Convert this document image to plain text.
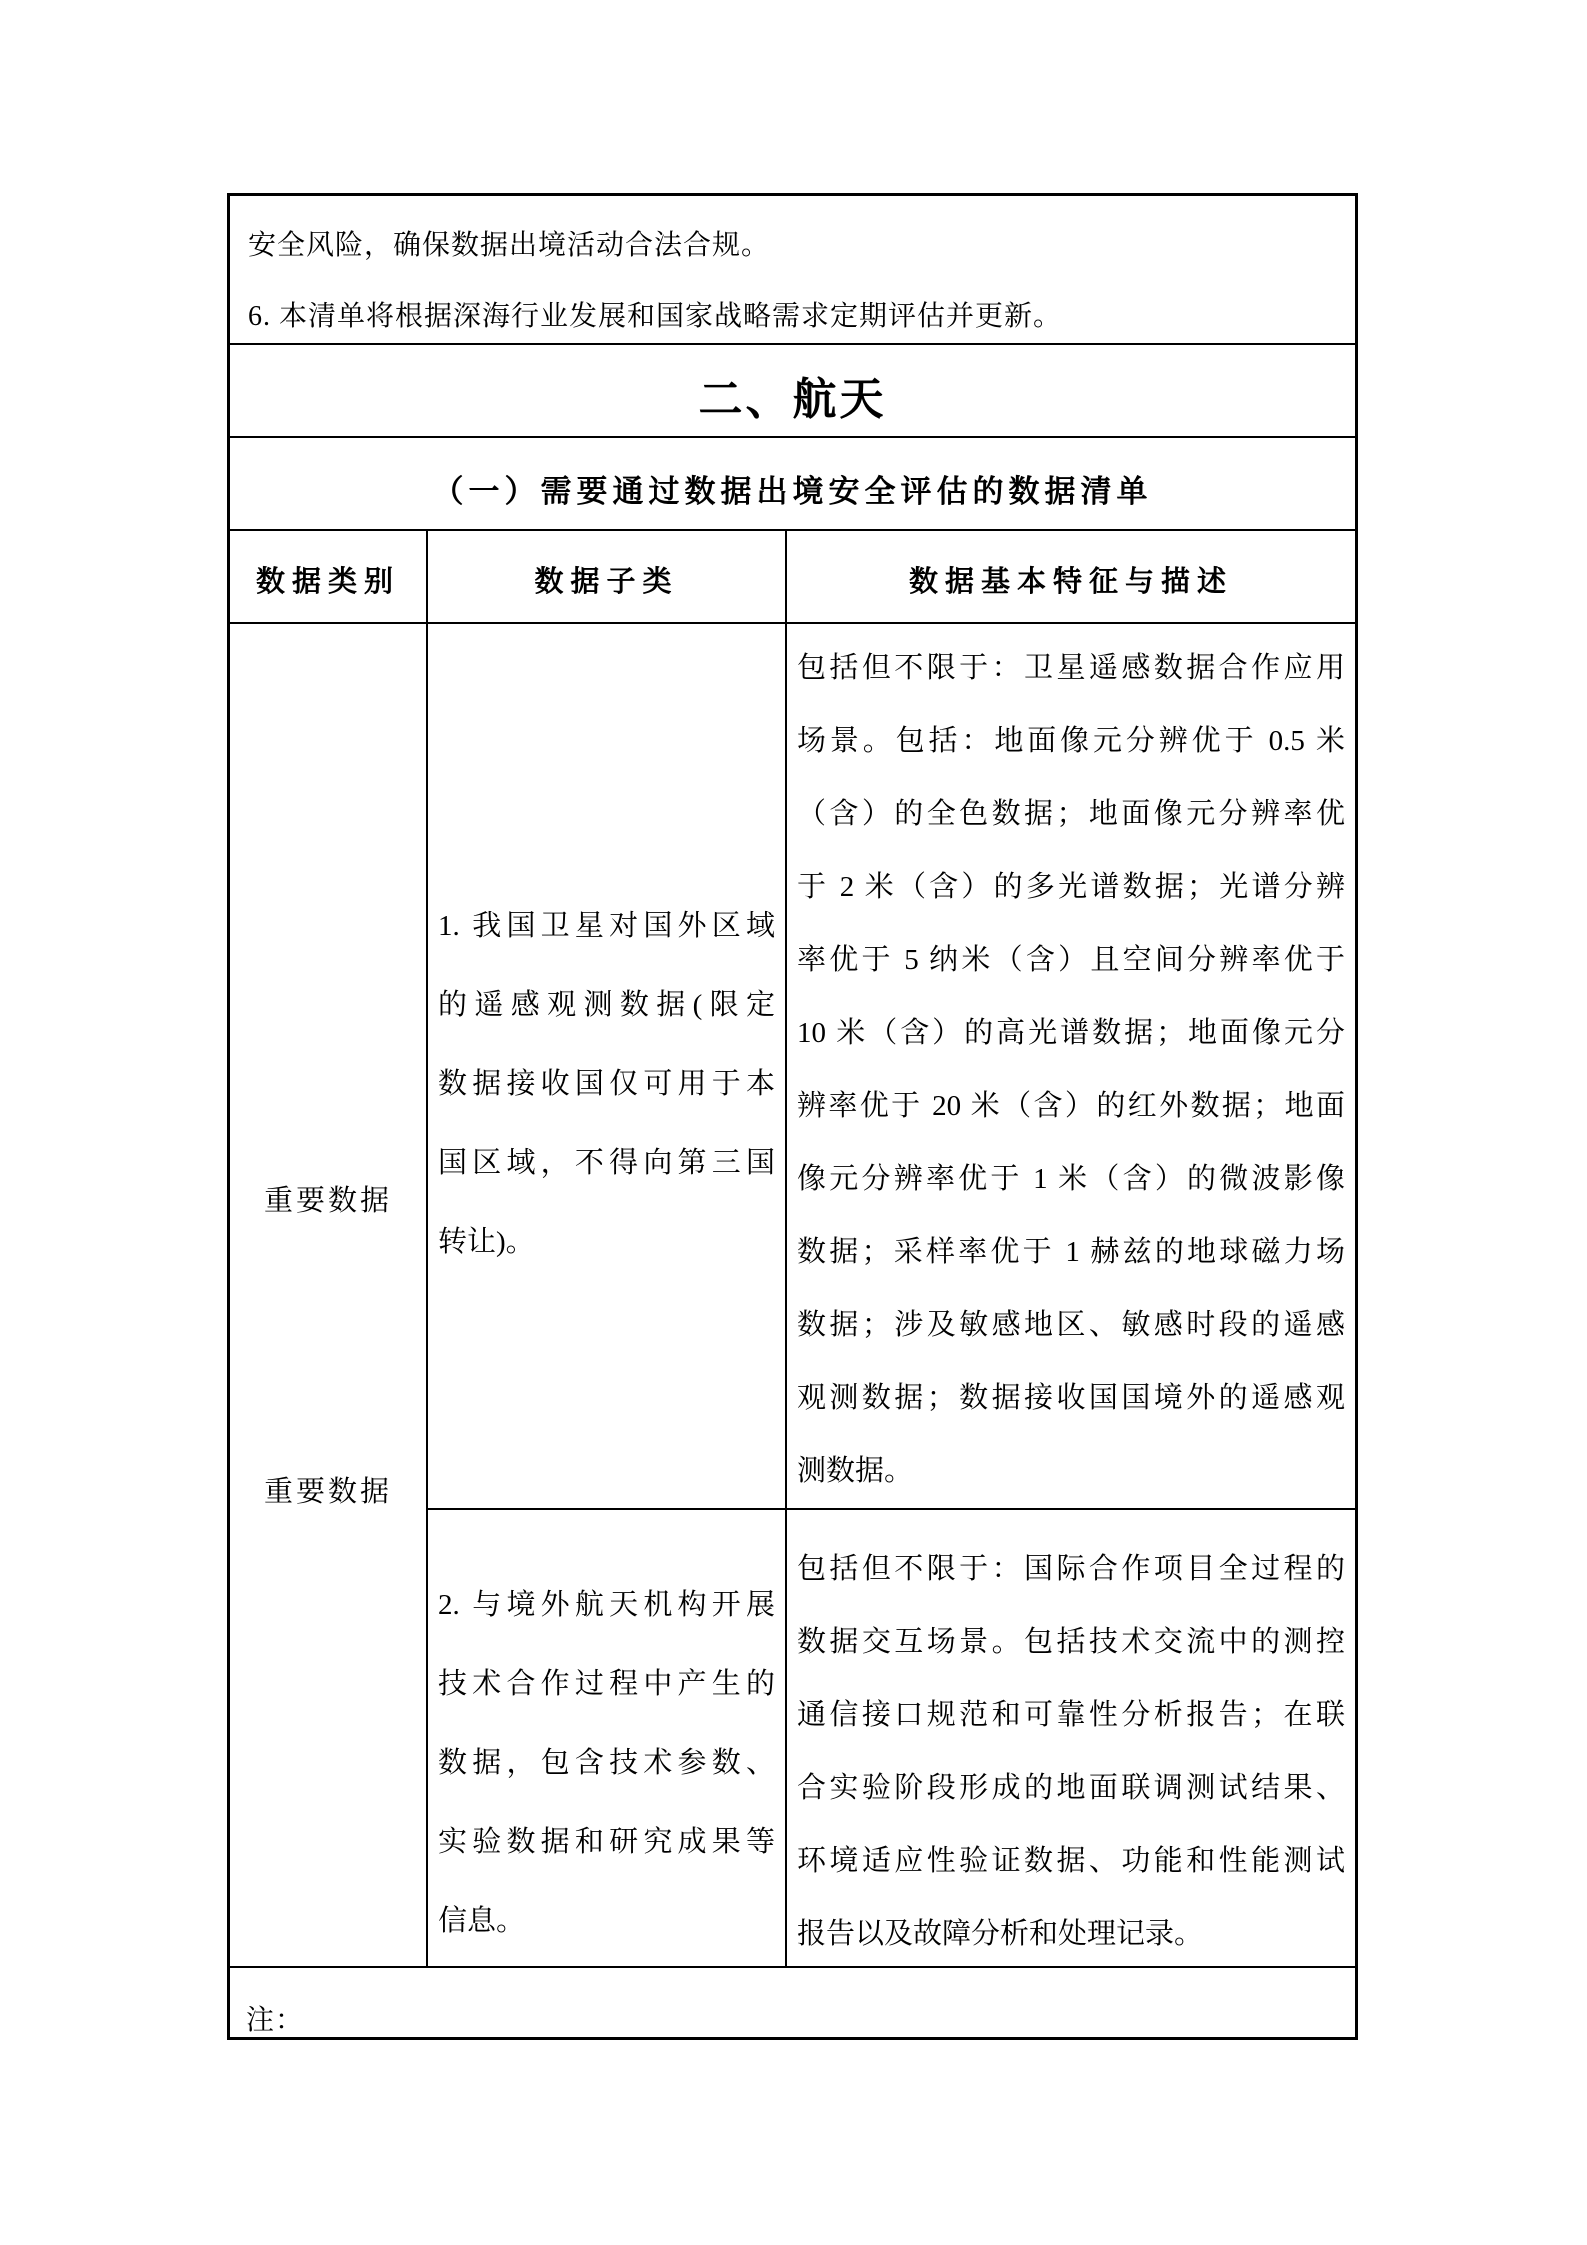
安全风险，确保数据出境活动合法合规。
6. 本清单将根据深海行业发展和国家战略需求定期评估并更新。
二、航天
（一）需要通过数据出境安全评估的数据清单
数据类别	数据子类	数据基本特征与描述
重要数据
重要数据
1. 我国卫星对国外区域
的遥感观测数据(限定
数据接收国仅可用于本
国区域，不得向第三国
转让)。
包括但不限于：卫星遥感数据合作应用
场景。包括：地面像元分辨优于 0.5 米
（含）的全色数据；地面像元分辨率优
于 2 米（含）的多光谱数据；光谱分辨
率优于 5 纳米（含）且空间分辨率优于
10 米（含）的高光谱数据；地面像元分
辨率优于 20 米（含）的红外数据；地面
像元分辨率优于 1 米（含）的微波影像
数据；采样率优于 1 赫兹的地球磁力场
数据；涉及敏感地区、敏感时段的遥感
观测数据；数据接收国国境外的遥感观
测数据。
2. 与境外航天机构开展
技术合作过程中产生的
数据，包含技术参数、
实验数据和研究成果等
信息。
包括但不限于：国际合作项目全过程的
数据交互场景。包括技术交流中的测控
通信接口规范和可靠性分析报告；在联
合实验阶段形成的地面联调测试结果、
环境适应性验证数据、功能和性能测试
报告以及故障分析和处理记录。
注：
